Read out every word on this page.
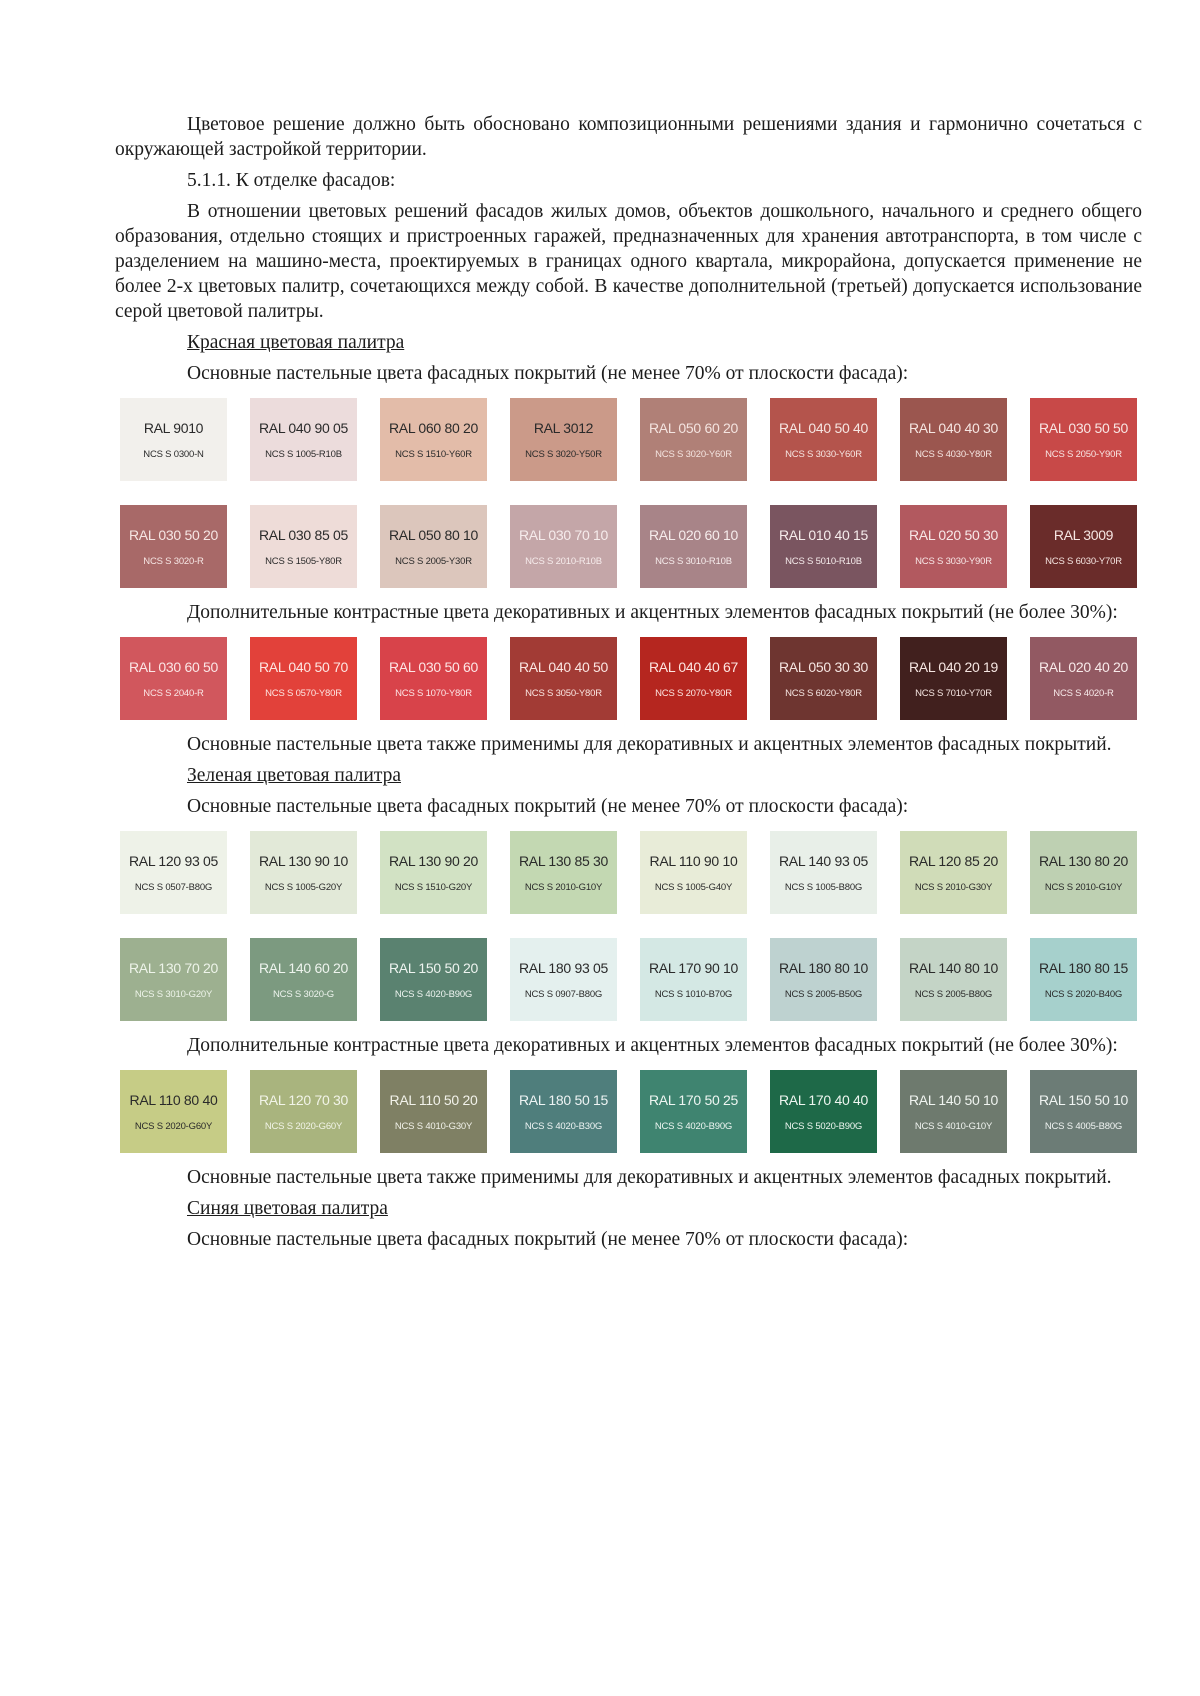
Цветовое решение должно быть обосновано композиционными решениями здания и гармонично сочетаться с окружающей застройкой территории.

5.1.1. К отделке фасадов:

В отношении цветовых решений фасадов жилых домов, объектов дошкольного, начального и среднего общего образования, отдельно стоящих и пристроенных гаражей, предназначенных для хранения автотранспорта, в том числе с разделением на машино-места, проектируемых в границах одного квартала, микрорайона, допускается применение не более 2-х цветовых палитр, сочетающихся между собой. В качестве дополнительной (третьей) допускается использование серой цветовой палитры.

Красная цветовая палитра

Основные пастельные цвета фасадных покрытий (не менее 70% от плоскости фасада):

RAL 9010
NCS S 0300-N
RAL 040 90 05
NCS S 1005-R10B
RAL 060 80 20
NCS S 1510-Y60R
RAL 3012
NCS S 3020-Y50R
RAL 050 60 20
NCS S 3020-Y60R
RAL 040 50 40
NCS S 3030-Y60R
RAL 040 40 30
NCS S 4030-Y80R
RAL 030 50 50
NCS S 2050-Y90R
RAL 030 50 20
NCS S 3020-R
RAL 030 85 05
NCS S 1505-Y80R
RAL 050 80 10
NCS S 2005-Y30R
RAL 030 70 10
NCS S 2010-R10B
RAL 020 60 10
NCS S 3010-R10B
RAL 010 40 15
NCS S 5010-R10B
RAL 020 50 30
NCS S 3030-Y90R
RAL 3009
NCS S 6030-Y70R

Дополнительные контрастные цвета декоративных и акцентных элементов фасадных покрытий (не более 30%):

RAL 030 60 50
NCS S 2040-R
RAL 040 50 70
NCS S 0570-Y80R
RAL 030 50 60
NCS S 1070-Y80R
RAL 040 40 50
NCS S 3050-Y80R
RAL 040 40 67
NCS S 2070-Y80R
RAL 050 30 30
NCS S 6020-Y80R
RAL 040 20 19
NCS S 7010-Y70R
RAL 020 40 20
NCS S 4020-R

Основные пастельные цвета также применимы для декоративных и акцентных элементов фасадных покрытий.

Зеленая цветовая палитра

Основные пастельные цвета фасадных покрытий (не менее 70% от плоскости фасада):

RAL 120 93 05
NCS S 0507-B80G
RAL 130 90 10
NCS S 1005-G20Y
RAL 130 90 20
NCS S 1510-G20Y
RAL 130 85 30
NCS S 2010-G10Y
RAL 110 90 10
NCS S 1005-G40Y
RAL 140 93 05
NCS S 1005-B80G
RAL 120 85 20
NCS S 2010-G30Y
RAL 130 80 20
NCS S 2010-G10Y
RAL 130 70 20
NCS S 3010-G20Y
RAL 140 60 20
NCS S 3020-G
RAL 150 50 20
NCS S 4020-B90G
RAL 180 93 05
NCS S 0907-B80G
RAL 170 90 10
NCS S 1010-B70G
RAL 180 80 10
NCS S 2005-B50G
RAL 140 80 10
NCS S 2005-B80G
RAL 180 80 15
NCS S 2020-B40G

Дополнительные контрастные цвета декоративных и акцентных элементов фасадных покрытий (не более 30%):

RAL 110 80 40
NCS S 2020-G60Y
RAL 120 70 30
NCS S 2020-G60Y
RAL 110 50 20
NCS S 4010-G30Y
RAL 180 50 15
NCS S 4020-B30G
RAL 170 50 25
NCS S 4020-B90G
RAL 170 40 40
NCS S 5020-B90G
RAL 140 50 10
NCS S 4010-G10Y
RAL 150 50 10
NCS S 4005-B80G

Основные пастельные цвета также применимы для декоративных и акцентных элементов фасадных покрытий.

Синяя цветовая палитра

Основные пастельные цвета фасадных покрытий (не менее 70% от плоскости фасада):
